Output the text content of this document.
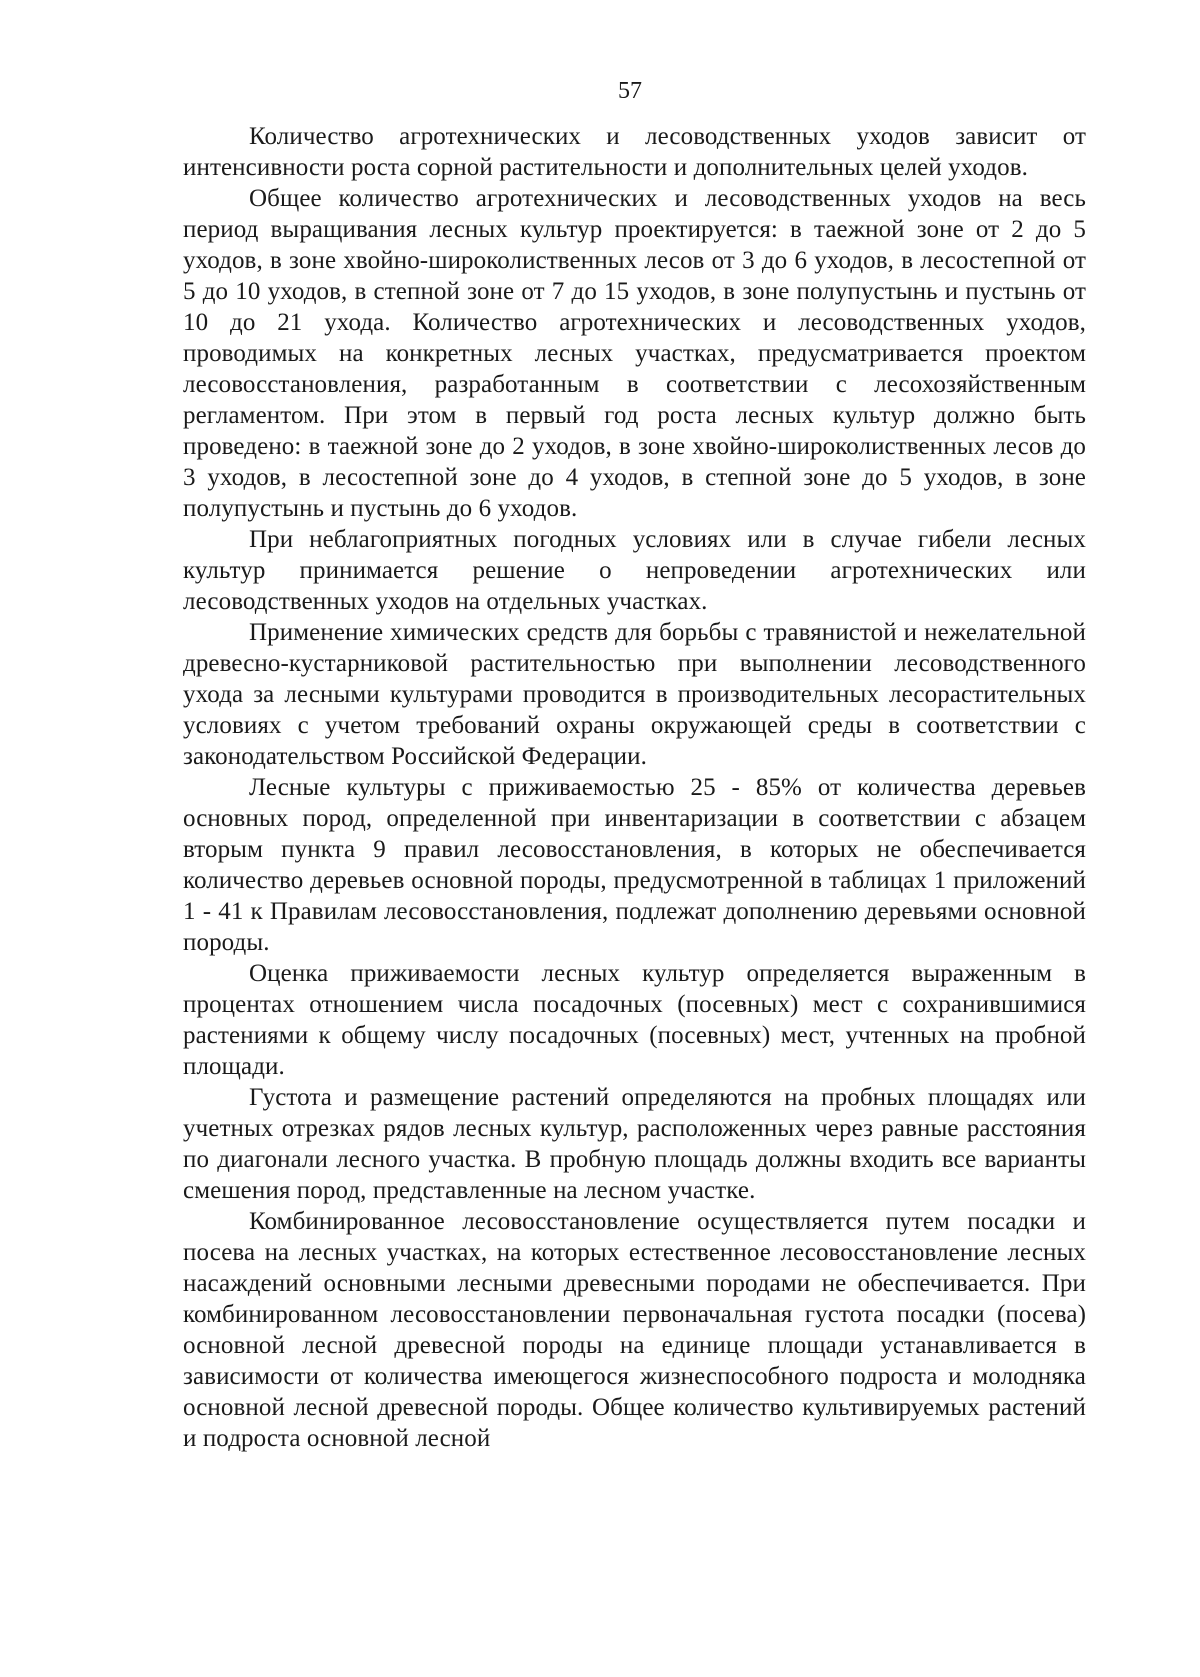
57

Количество агротехнических и лесоводственных уходов зависит от интенсивности роста сорной растительности и дополнительных целей уходов.

Общее количество агротехнических и лесоводственных уходов на весь период выращивания лесных культур проектируется: в таежной зоне от 2 до 5 уходов, в зоне хвойно-широколиственных лесов от 3 до 6 уходов, в лесостепной от 5 до 10 уходов, в степной зоне от 7 до 15 уходов, в зоне полупустынь и пустынь от 10 до 21 ухода. Количество агротехнических и лесоводственных уходов, проводимых на конкретных лесных участках, предусматривается проектом лесовосстановления, разработанным в соответствии с лесохозяйственным регламентом. При этом в первый год роста лесных культур должно быть проведено: в таежной зоне до 2 уходов, в зоне хвойно-широколиственных лесов до 3 уходов, в лесостепной зоне до 4 уходов, в степной зоне до 5 уходов, в зоне полупустынь и пустынь до 6 уходов.

При неблагоприятных погодных условиях или в случае гибели лесных культур принимается решение о непроведении агротехнических или лесоводственных уходов на отдельных участках.

Применение химических средств для борьбы с травянистой и нежелательной древесно-кустарниковой растительностью при выполнении лесоводственного ухода за лесными культурами проводится в производительных лесорастительных условиях с учетом требований охраны окружающей среды в соответствии с законодательством Российской Федерации.

Лесные культуры с приживаемостью 25 - 85% от количества деревьев основных пород, определенной при инвентаризации в соответствии с абзацем вторым пункта 9 правил лесовосстановления, в которых не обеспечивается количество деревьев основной породы, предусмотренной в таблицах 1 приложений 1 - 41 к Правилам лесовосстановления, подлежат дополнению деревьями основной породы.

Оценка приживаемости лесных культур определяется выраженным в процентах отношением числа посадочных (посевных) мест с сохранившимися растениями к общему числу посадочных (посевных) мест, учтенных на пробной площади.

Густота и размещение растений определяются на пробных площадях или учетных отрезках рядов лесных культур, расположенных через равные расстояния по диагонали лесного участка. В пробную площадь должны входить все варианты смешения пород, представленные на лесном участке.

Комбинированное лесовосстановление осуществляется путем посадки и посева на лесных участках, на которых естественное лесовосстановление лесных насаждений основными лесными древесными породами не обеспечивается. При комбинированном лесовосстановлении первоначальная густота посадки (посева) основной лесной древесной породы на единице площади устанавливается в зависимости от количества имеющегося жизнеспособного подроста и молодняка основной лесной древесной породы. Общее количество культивируемых растений и подроста основной лесной
